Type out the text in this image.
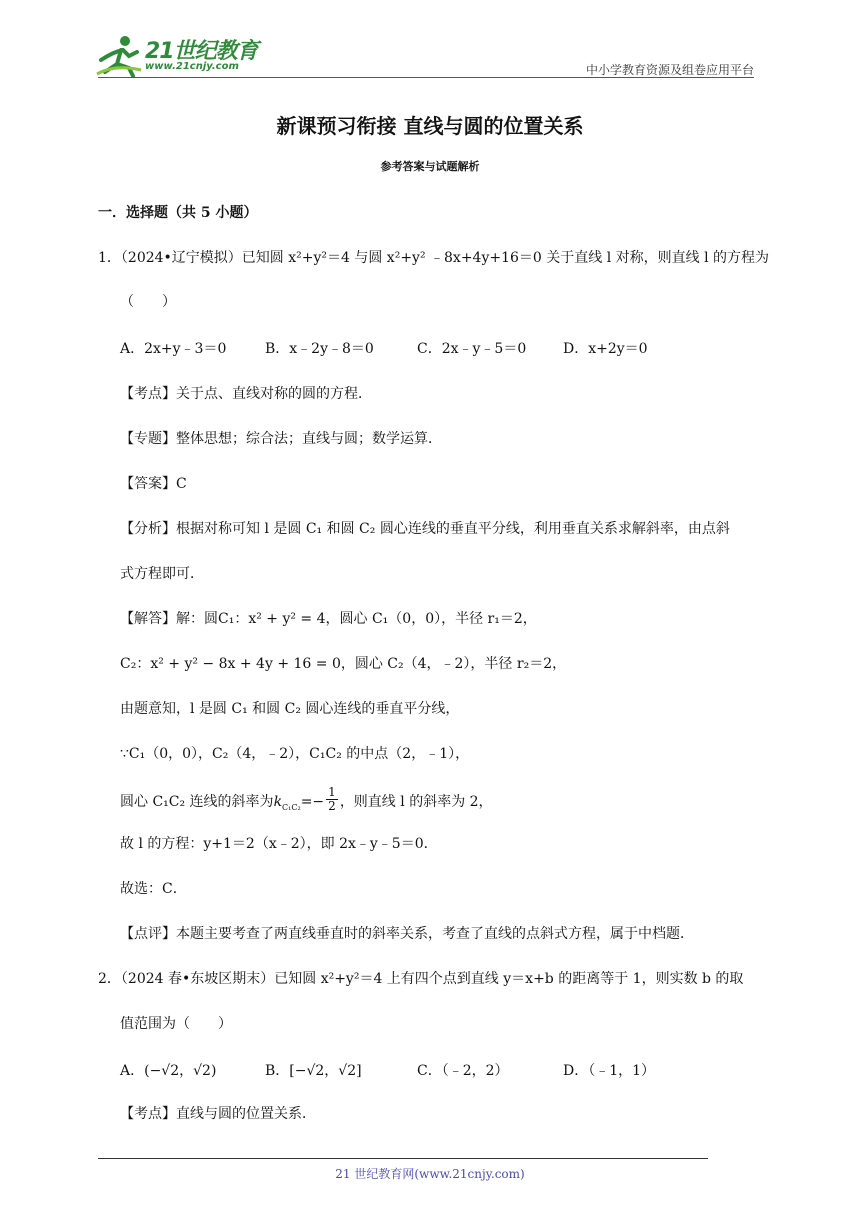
21世纪教育
www.21cnjy.com	中小学教育资源及组卷应用平台
新课预习衔接 直线与圆的位置关系
参考答案与试题解析
一．选择题（共 5 小题）
1．（2024•辽宁模拟）已知圆 x²+y²＝4 与圆 x²+y² ﹣8x+4y+16＝0 关于直线 l 对称，则直线 l 的方程为
（　　）
A．2x+y﹣3＝0	B．x﹣2y﹣8＝0	C．2x﹣y﹣5＝0	D．x+2y＝0
【考点】关于点、直线对称的圆的方程．
【专题】整体思想；综合法；直线与圆；数学运算．
【答案】C
【分析】根据对称可知 l 是圆 C₁ 和圆 C₂ 圆心连线的垂直平分线，利用垂直关系求解斜率，由点斜
式方程即可．
【解答】解：圆C₁：x² + y² = 4，圆心 C₁（0，0），半径 r₁＝2，
C₂：x² + y² − 8x + 4y + 16 = 0，圆心 C₂（4，﹣2），半径 r₂＝2，
由题意知，l 是圆 C₁ 和圆 C₂ 圆心连线的垂直平分线，
∵C₁（0，0），C₂（4，﹣2），C₁C₂ 的中点（2，﹣1），
圆心 C₁C₂ 连线的斜率为$k_{C_1C_2}=- \frac{1}{2}$ ，则直线 l 的斜率为 2，
故 l 的方程：y+1＝2（x﹣2），即 2x﹣y﹣5＝0．
故选：C．
【点评】本题主要考查了两直线垂直时的斜率关系，考查了直线的点斜式方程，属于中档题．
2．（2024 春•东坡区期末）已知圆 x²+y²＝4 上有四个点到直线 y＝x+b 的距离等于 1，则实数 b 的取
值范围为（　　）
A．(−√2，√2)	B．[−√2，√2]	C．（﹣2，2）	D．（﹣1，1）
【考点】直线与圆的位置关系．
21 世纪教育网(www.21cnjy.com)
